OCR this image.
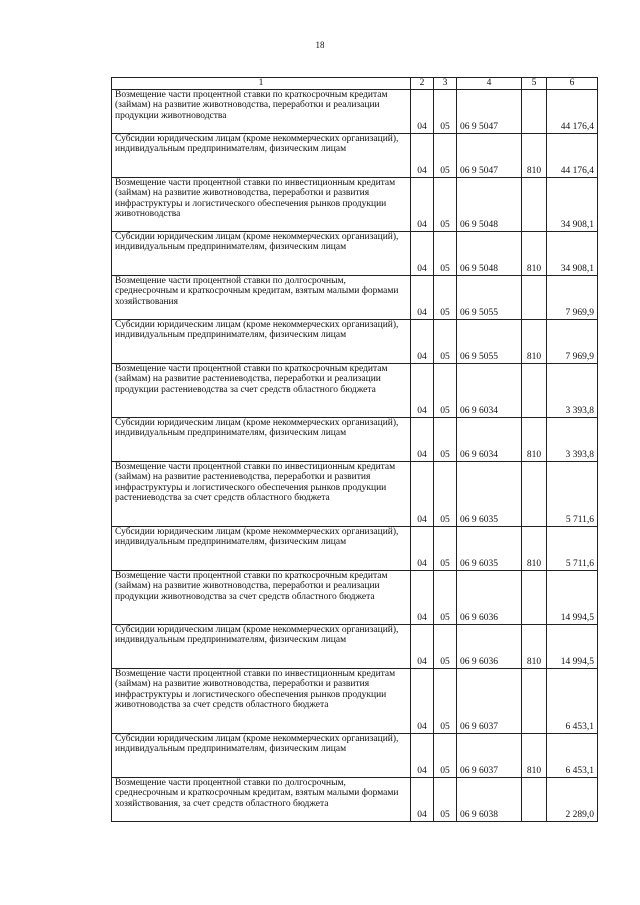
18
1	2	3	4	5	6
Возмещение части процентной ставки по краткосрочным кредитам (займам) на развитие животноводства, переработки и реализации продукции животноводства	04	05	06 9 5047		44 176,4
Субсидии юридическим лицам (кроме некоммерческих организаций), индивидуальным предпринимателям, физическим лицам	04	05	06 9 5047	810	44 176,4
Возмещение части процентной ставки по инвестиционным кредитам (займам) на развитие животноводства, переработки и развития инфраструктуры и логистического обеспечения рынков продукции животноводства	04	05	06 9 5048		34 908,1
Субсидии юридическим лицам (кроме некоммерческих организаций), индивидуальным предпринимателям, физическим лицам	04	05	06 9 5048	810	34 908,1
Возмещение части процентной ставки по долгосрочным, среднесрочным и краткосрочным кредитам, взятым малыми формами хозяйствования	04	05	06 9 5055		7 969,9
Субсидии юридическим лицам (кроме некоммерческих организаций), индивидуальным предпринимателям, физическим лицам	04	05	06 9 5055	810	7 969,9
Возмещение части процентной ставки по краткосрочным кредитам (займам) на развитие растениеводства, переработки и реализации продукции растениеводства за счет средств областного бюджета	04	05	06 9 6034		3 393,8
Субсидии юридическим лицам (кроме некоммерческих организаций), индивидуальным предпринимателям, физическим лицам	04	05	06 9 6034	810	3 393,8
Возмещение части процентной ставки по инвестиционным кредитам (займам) на развитие растениеводства, переработки и развития инфраструктуры и логистического обеспечения рынков продукции растениеводства за счет средств областного бюджета	04	05	06 9 6035		5 711,6
Субсидии юридическим лицам (кроме некоммерческих организаций), индивидуальным предпринимателям, физическим лицам	04	05	06 9 6035	810	5 711,6
Возмещение части процентной ставки по краткосрочным кредитам (займам) на развитие животноводства, переработки и реализации продукции животноводства за счет средств областного бюджета	04	05	06 9 6036		14 994,5
Субсидии юридическим лицам (кроме некоммерческих организаций), индивидуальным предпринимателям, физическим лицам	04	05	06 9 6036	810	14 994,5
Возмещение части процентной ставки по инвестиционным кредитам (займам) на развитие животноводства, переработки и развития инфраструктуры и логистического обеспечения рынков продукции животноводства за счет средств областного бюджета	04	05	06 9 6037		6 453,1
Субсидии юридическим лицам (кроме некоммерческих организаций), индивидуальным предпринимателям, физическим лицам	04	05	06 9 6037	810	6 453,1
Возмещение части процентной ставки по долгосрочным, среднесрочным и краткосрочным кредитам, взятым малыми формами хозяйствования, за счет средств областного бюджета	04	05	06 9 6038		2 289,0
